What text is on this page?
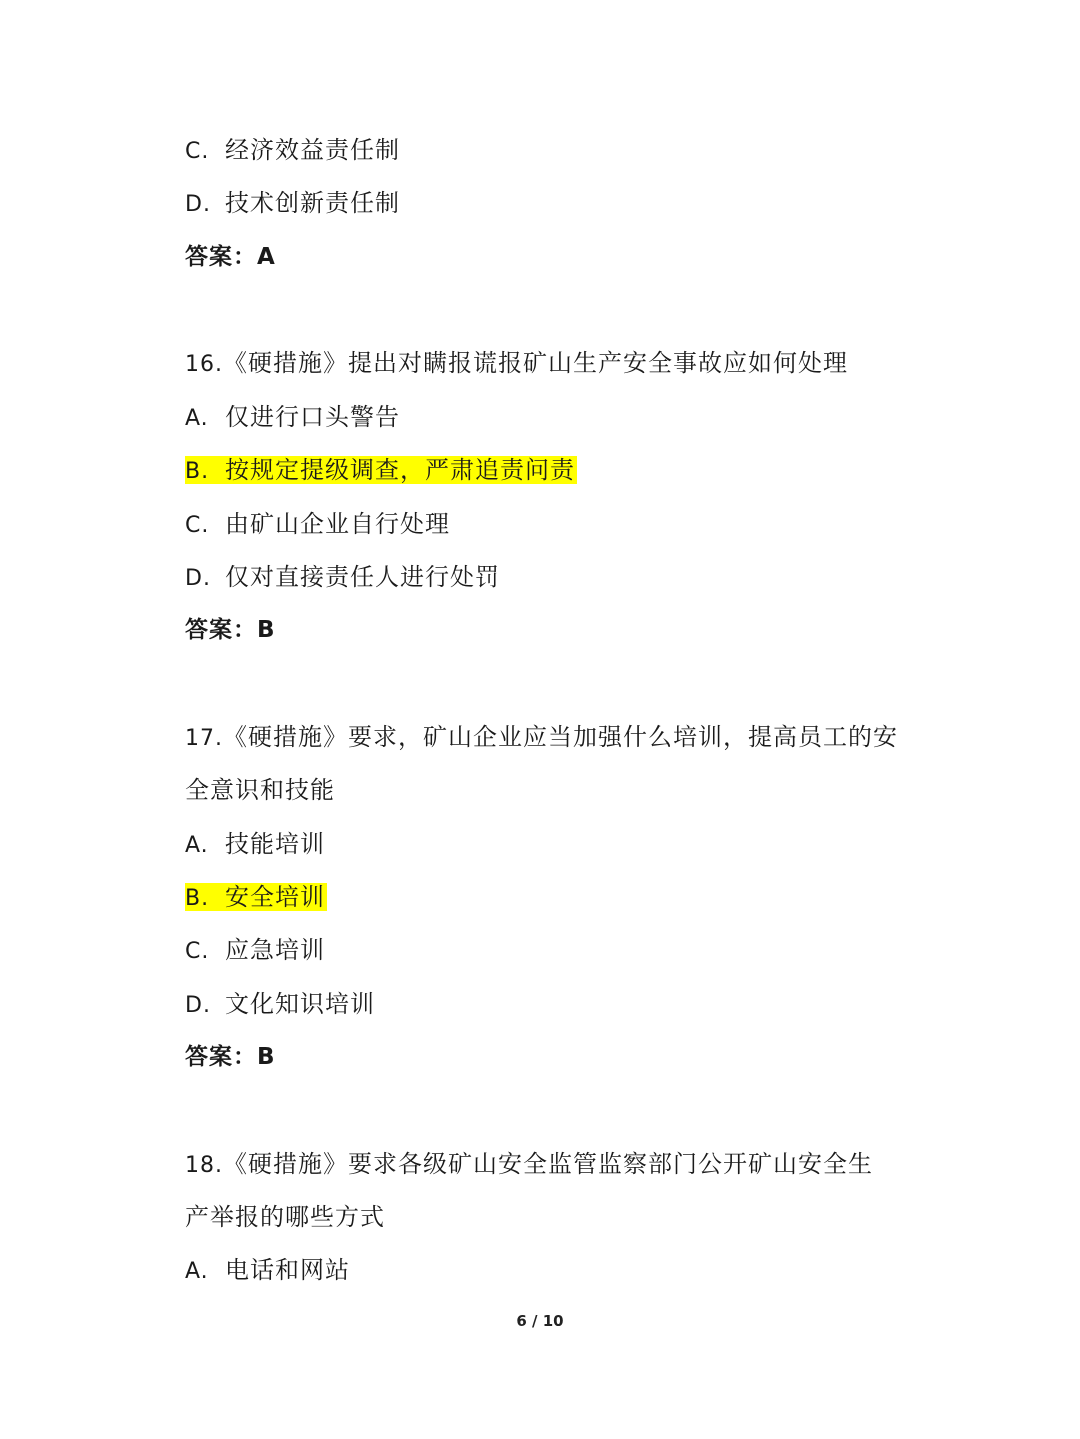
C. 经济效益责任制
D. 技术创新责任制
答案：A
16.《硬措施》提出对瞒报谎报矿山生产安全事故应如何处理
A. 仅进行口头警告
B. 按规定提级调查，严肃追责问责
C. 由矿山企业自行处理
D. 仅对直接责任人进行处罚
答案：B
17.《硬措施》要求，矿山企业应当加强什么培训，提高员工的安
全意识和技能
A. 技能培训
B. 安全培训
C. 应急培训
D. 文化知识培训
答案：B
18.《硬措施》要求各级矿山安全监管监察部门公开矿山安全生
产举报的哪些方式
A. 电话和网站
6 / 10
